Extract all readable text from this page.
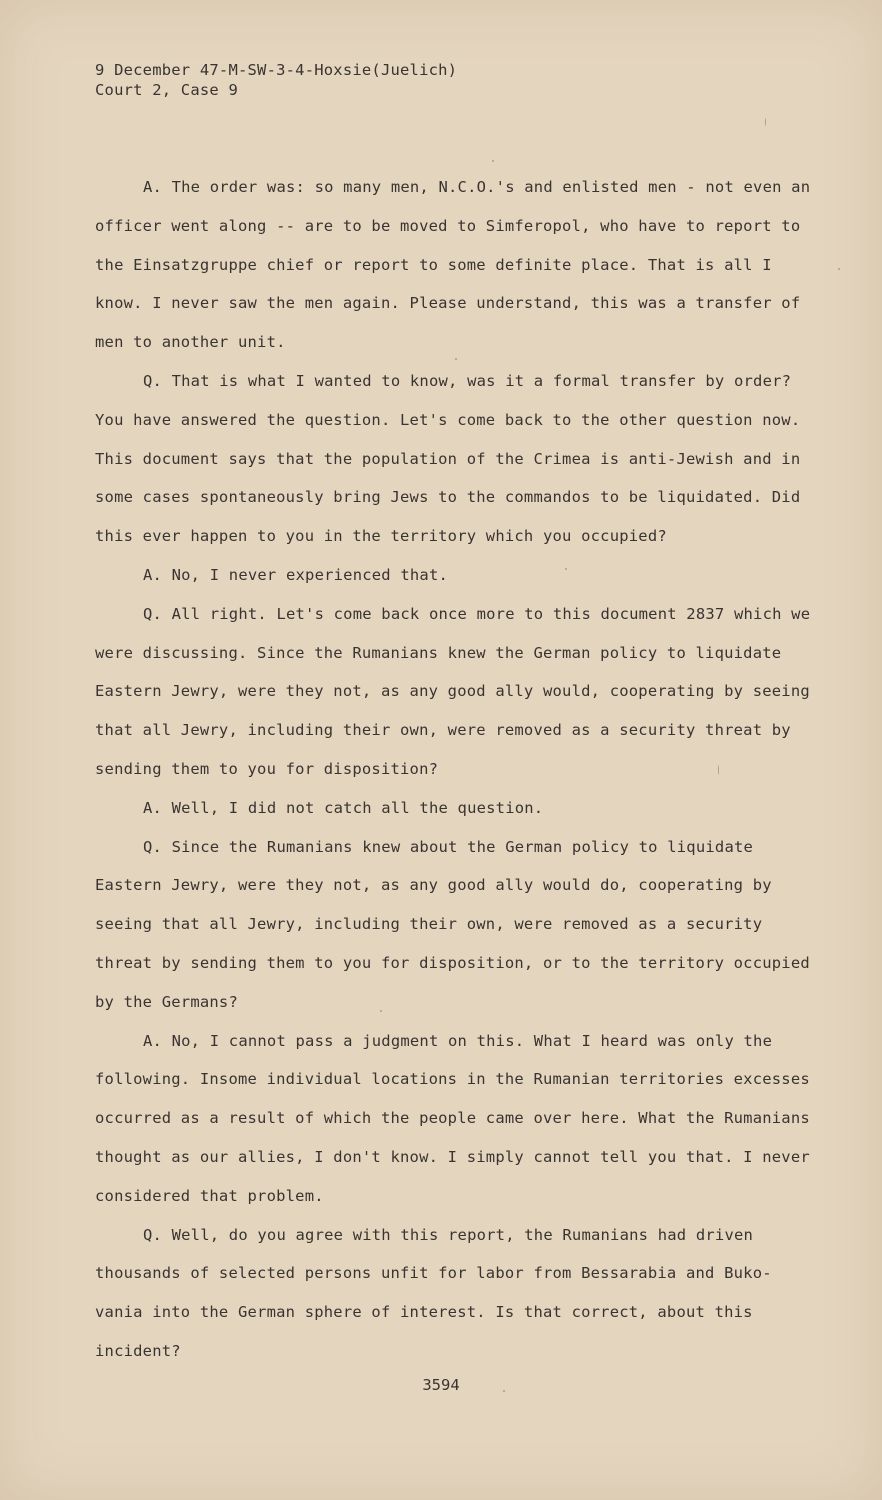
9 December 47-M-SW-3-4-Hoxsie(Juelich)
Court 2, Case 9

A. The order was: so many men, N.C.O.'s and enlisted men - not even an officer went along -- are to be moved to Simferopol, who have to report to the Einsatzgruppe chief or report to some definite place. That is all I know. I never saw the men again. Please understand, this was a transfer of men to another unit.

Q. That is what I wanted to know, was it a formal transfer by order? You have answered the question. Let's come back to the other question now. This document says that the population of the Crimea is anti-Jewish and in some cases spontaneously bring Jews to the commandos to be liquidated. Did this ever happen to you in the territory which you occupied?

A. No, I never experienced that.

Q. All right. Let's come back once more to this document 2837 which we were discussing. Since the Rumanians knew the German policy to liquidate Eastern Jewry, were they not, as any good ally would, cooperating by seeing that all Jewry, including their own, were removed as a security threat by sending them to you for disposition?

A. Well, I did not catch all the question.

Q. Since the Rumanians knew about the German policy to liquidate Eastern Jewry, were they not, as any good ally would do, cooperating by seeing that all Jewry, including their own, were removed as a security threat by sending them to you for disposition, or to the territory occupied by the Germans?

A. No, I cannot pass a judgment on this. What I heard was only the following. Insome individual locations in the Rumanian territories excesses occurred as a result of which the people came over here. What the Rumanians thought as our allies, I don't know. I simply cannot tell you that. I never considered that problem.

Q. Well, do you agree with this report, the Rumanians had driven thousands of selected persons unfit for labor from Bessarabia and Buko- vania into the German sphere of interest. Is that correct, about this incident?

3594
